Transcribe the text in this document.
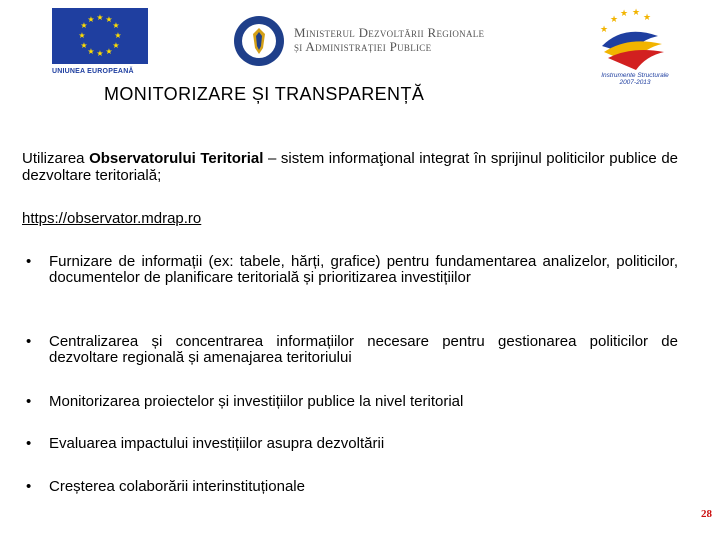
★ ★
★
★
★
★
★
★
★
★
★
★
UNIUNEA EUROPEANĂ
Ministerul Dezvoltării Regionale
și Administrației Publice
★
★ ★ ★
★
Instrumente Structurale
2007-2013
MONITORIZARE ȘI TRANSPARENȚĂ
Utilizarea Observatorului Teritorial – sistem informaţional integrat în sprijinul politicilor publice de dezvoltare teritorială;
https://observator.mdrap.ro
• Furnizare de informații (ex: tabele, hărți, grafice) pentru fundamentarea analizelor, politicilor, documentelor de planificare teritorială și prioritizarea investițiilor
• Centralizarea și concentrarea informațiilor necesare pentru gestionarea politicilor de dezvoltare regională și amenajarea teritoriului
• Monitorizarea proiectelor și investițiilor publice la nivel teritorial
• Evaluarea impactului investițiilor asupra dezvoltării
• Creșterea colaborării interinstituționale
28
